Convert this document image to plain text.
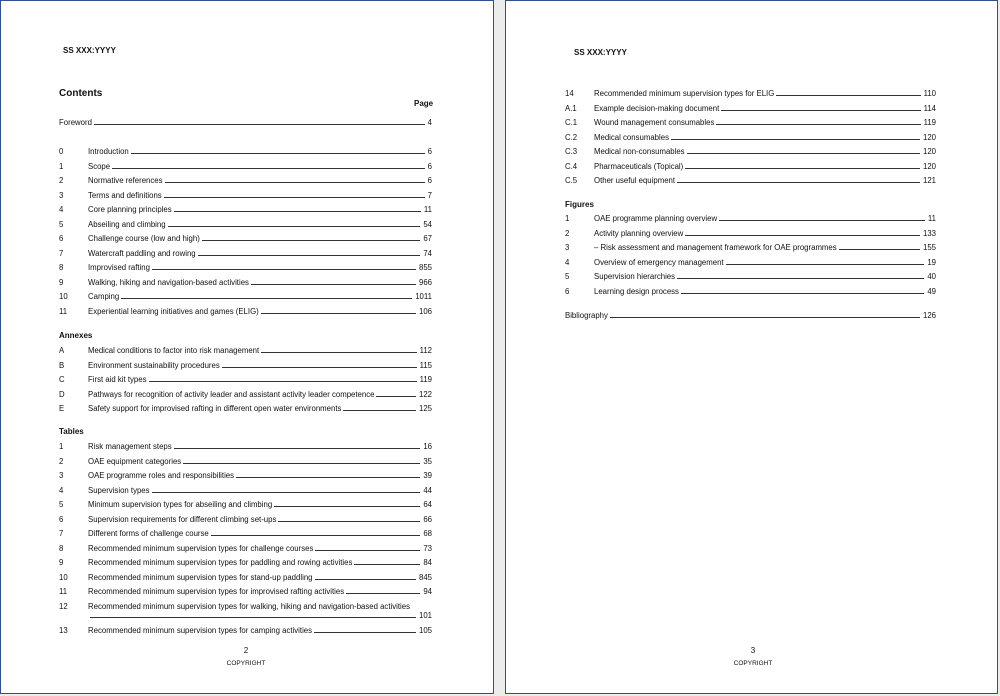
SS XXX:YYYY
Contents
Page
Foreword	4
0	Introduction	6
1	Scope	6
2	Normative references	6
3	Terms and definitions	7
4	Core planning principles	11
5	Abseiling and climbing	54
6	Challenge course (low and high)	67
7	Watercraft paddling and rowing	74
8	Improvised rafting	855
9	Walking, hiking and navigation-based activities	966
10	Camping	1011
11	Experiential learning initiatives and games (ELIG)	106
Annexes
A	Medical conditions to factor into risk management	112
B	Environment sustainability procedures	115
C	First aid kit types	119
D	Pathways for recognition of activity leader and assistant activity leader competence	122
E	Safety support for improvised rafting in different open water environments	125
Tables
1	Risk management steps	16
2	OAE equipment categories	35
3	OAE programme roles and responsibilities	39
4	Supervision types	44
5	Minimum supervision types for abseiling and climbing	64
6	Supervision requirements for different climbing set-ups	66
7	Different forms of challenge course	68
8	Recommended minimum supervision types for challenge courses	73
9	Recommended minimum supervision types for paddling and rowing activities	84
10	Recommended minimum supervision types for stand-up paddling	845
11	Recommended minimum supervision types for improvised rafting activities	94
12	Recommended minimum supervision types for walking, hiking and navigation-based activities
101
13	Recommended minimum supervision types for camping activities	105
2
COPYRIGHT
SS XXX:YYYY
14	Recommended minimum supervision types for ELIG	110
A.1 Example decision-making document	114
C.1 Wound management consumables	119
C.2 Medical consumables	120
C.3 Medical non-consumables	120
C.4 Pharmaceuticals (Topical)	120
C.5 Other useful equipment	121
Figures
1	OAE programme planning overview	11
2	Activity planning overview	133
3	– Risk assessment and management framework for OAE programmes	155
4	Overview of emergency management	19
5	Supervision hierarchies	40
6	Learning design process	49
Bibliography	126
3
COPYRIGHT
